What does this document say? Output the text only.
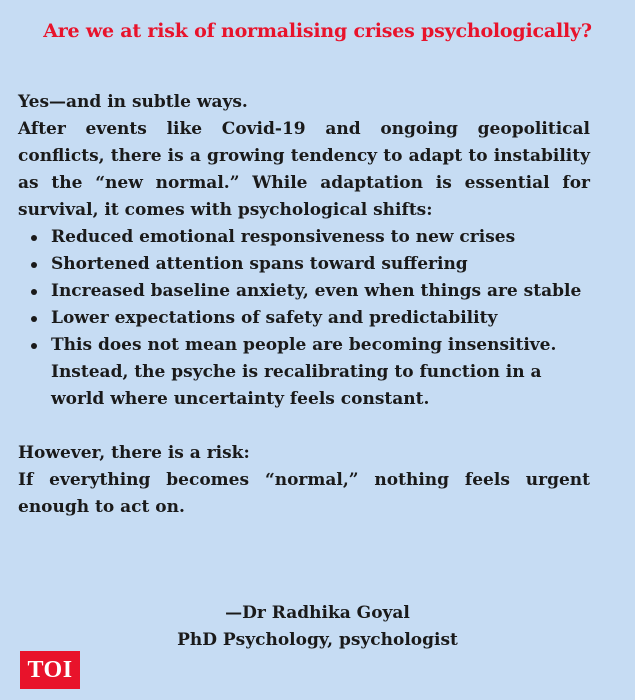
Are we at risk of normalising crises psychologically?

Yes—and in subtle ways.

After events like Covid-19 and ongoing geopolitical conflicts, there is a growing tendency to adapt to instability as the “new normal.” While adaptation is essential for survival, it comes with psychological shifts:

Reduced emotional responsiveness to new crises
Shortened attention spans toward suffering
Increased baseline anxiety, even when things are stable
Lower expectations of safety and predictability
This does not mean people are becoming insensitive. Instead, the psyche is recalibrating to function in a world where uncertainty feels constant.

However, there is a risk:

If everything becomes “normal,” nothing feels urgent enough to act on.

—Dr Radhika Goyal
PhD Psychology, psychologist
TOI
